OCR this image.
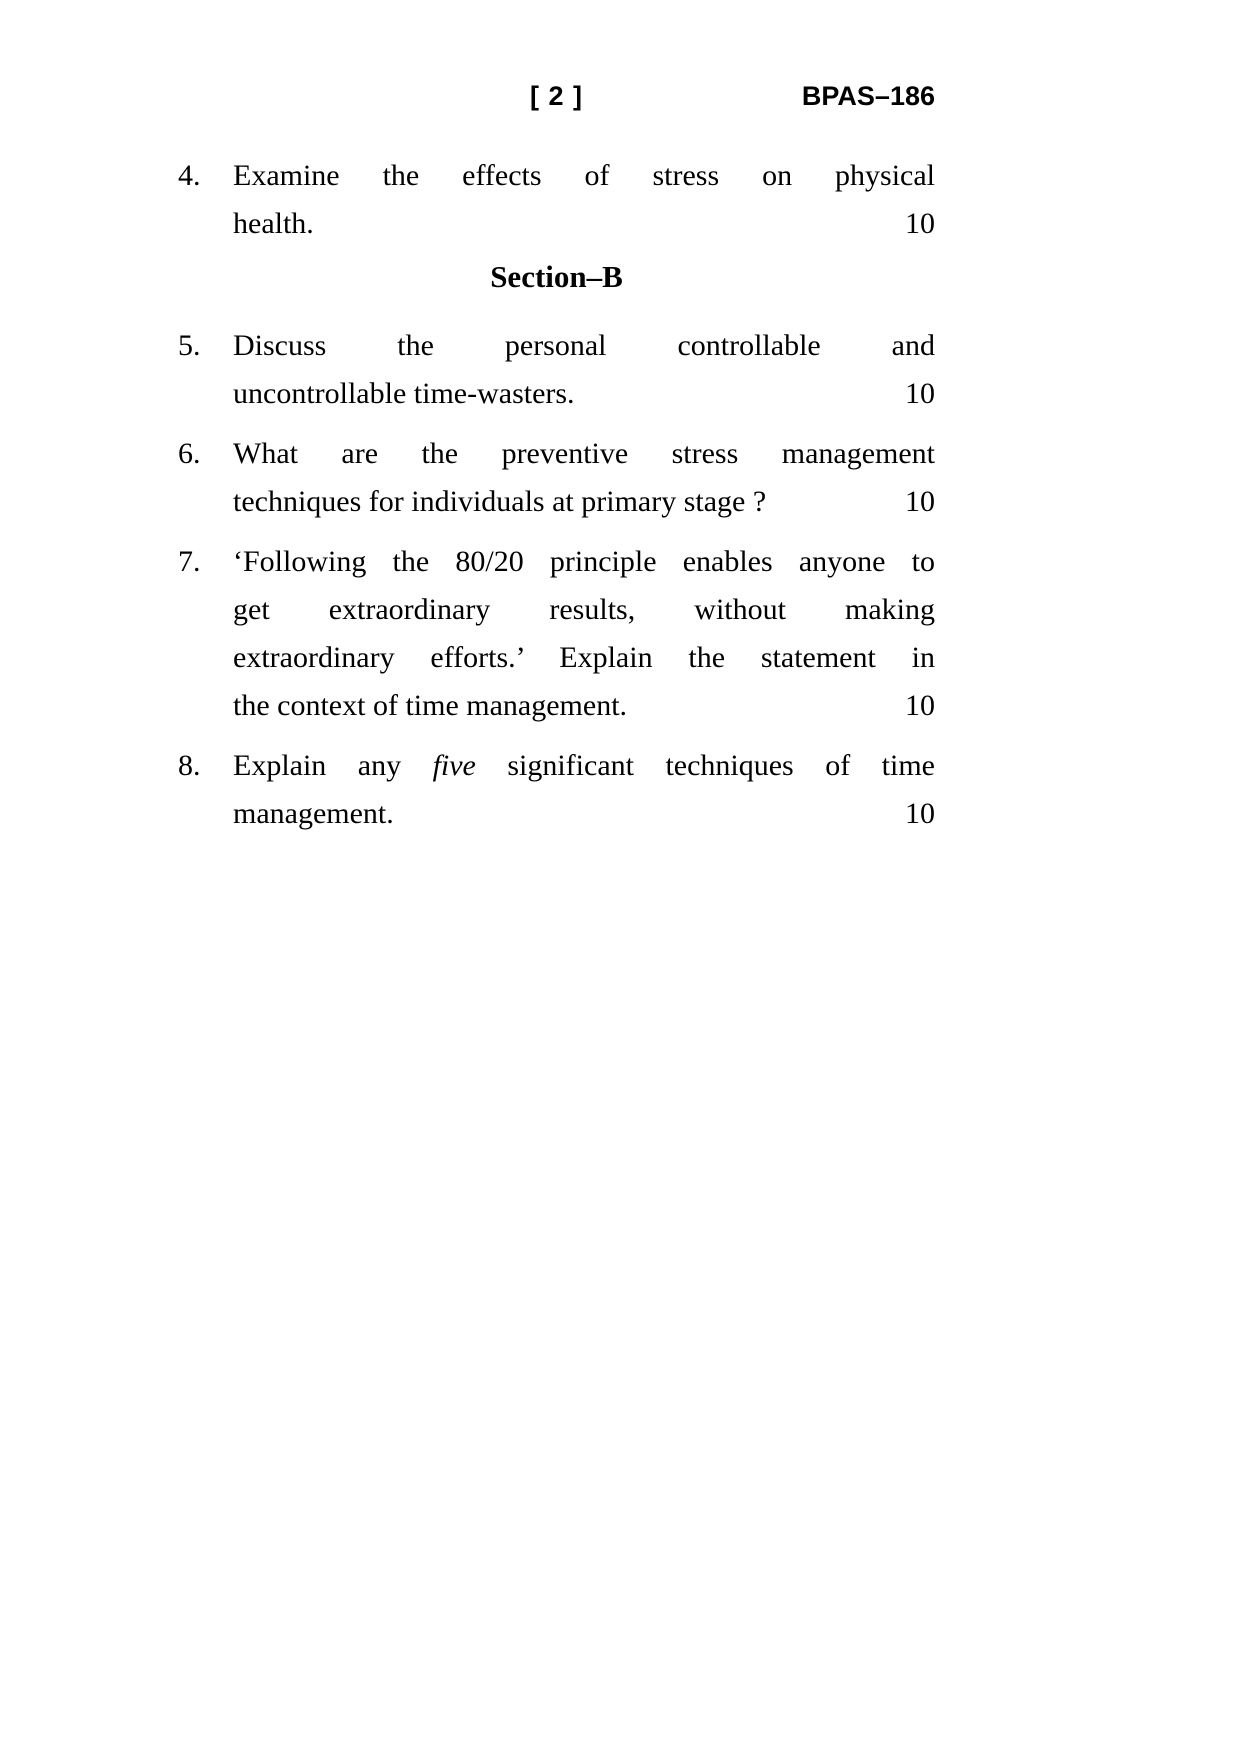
[ 2 ]	BPAS–186
4.	Examine the effects of stress on physical
health.	10
Section–B
5.	Discuss the personal controllable and
uncontrollable time-wasters.	10
6.	What are the preventive stress management
techniques for individuals at primary stage ?	10
7.	‘Following the 80/20 principle enables anyone to
get extraordinary results, without making
extraordinary efforts.’ Explain the statement in
the context of time management.	10
8.	Explain any five significant techniques of time
management.	10
